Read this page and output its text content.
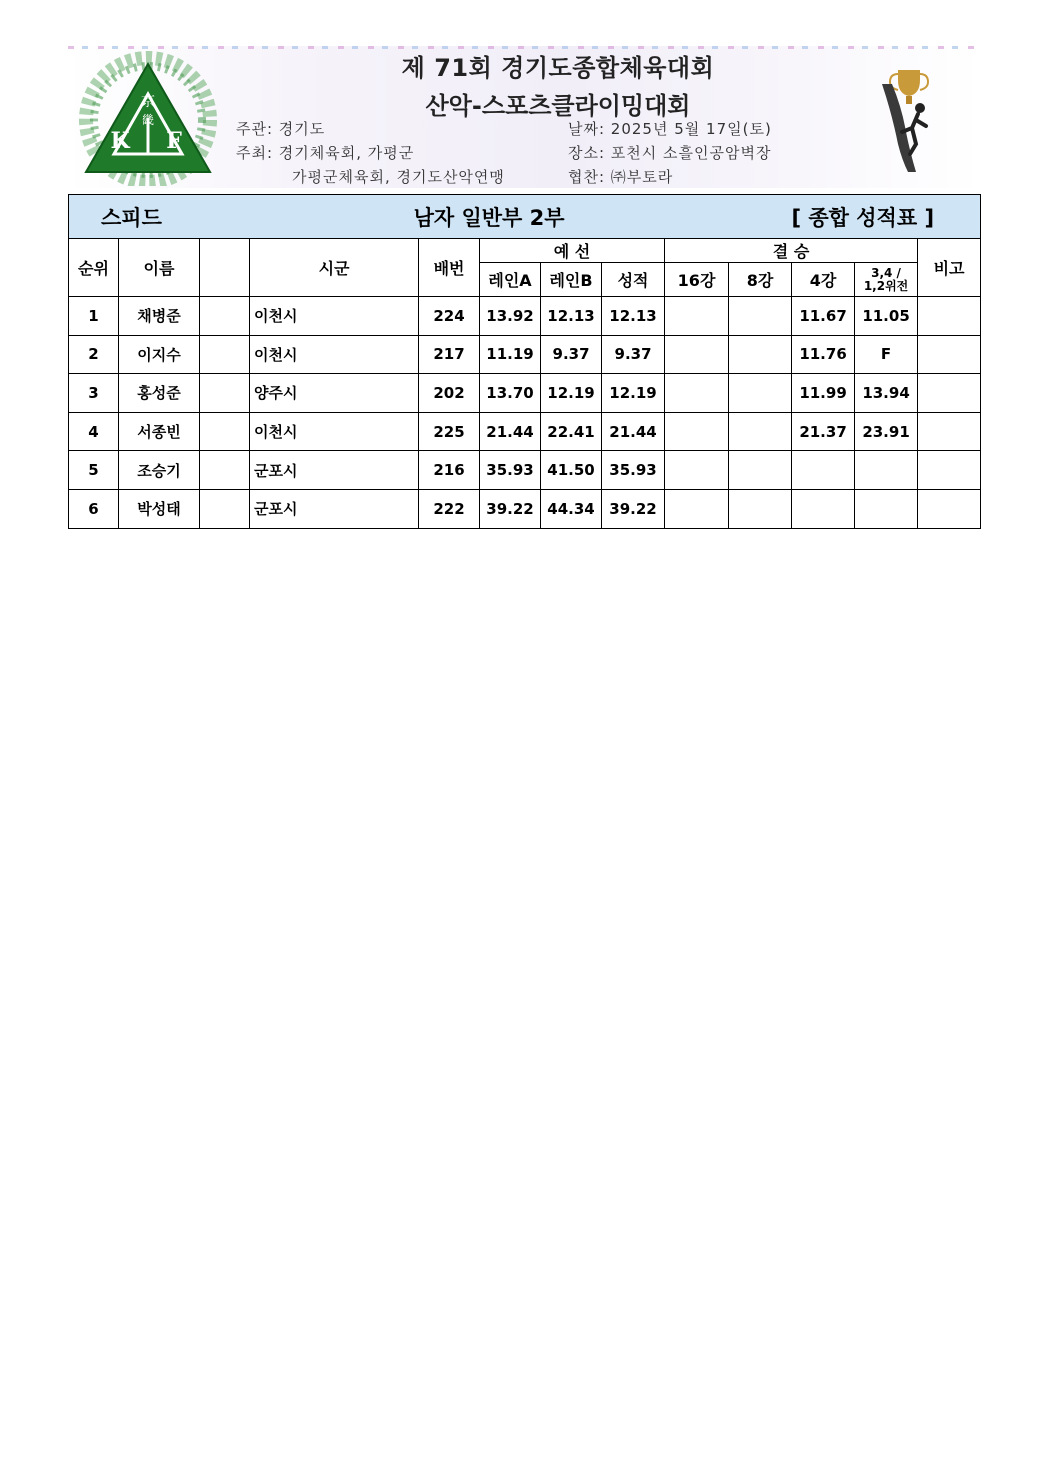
京
畿
K F
제 71회 경기도종합체육대회
산악-스포츠클라이밍대회
주관: 경기도
주최: 경기체육회, 가평군
가평군체육회, 경기도산악연맹
날짜: 2025년 5월 17일(토)
장소: 포천시 소흘인공암벽장
협찬: ㈜부토라
스피드			남자 일반부 2부						[ 종합 성적표 ]			
순위	이름		시군	배번	예 선			결 승				비고
					레인A	레인B	성적	16강	8강	4강	3,4 /
1,2위전	

1	채병준		이천시	224	13.92	12.13	12.13			11.67	11.05	
2	이지수		이천시	217	11.19	9.37	9.37			11.76	F	
3	홍성준		양주시	202	13.70	12.19	12.19			11.99	13.94	
4	서종빈		이천시	225	21.44	22.41	21.44			21.37	23.91	
5	조승기		군포시	216	35.93	41.50	35.93					
6	박성태		군포시	222	39.22	44.34	39.22					
